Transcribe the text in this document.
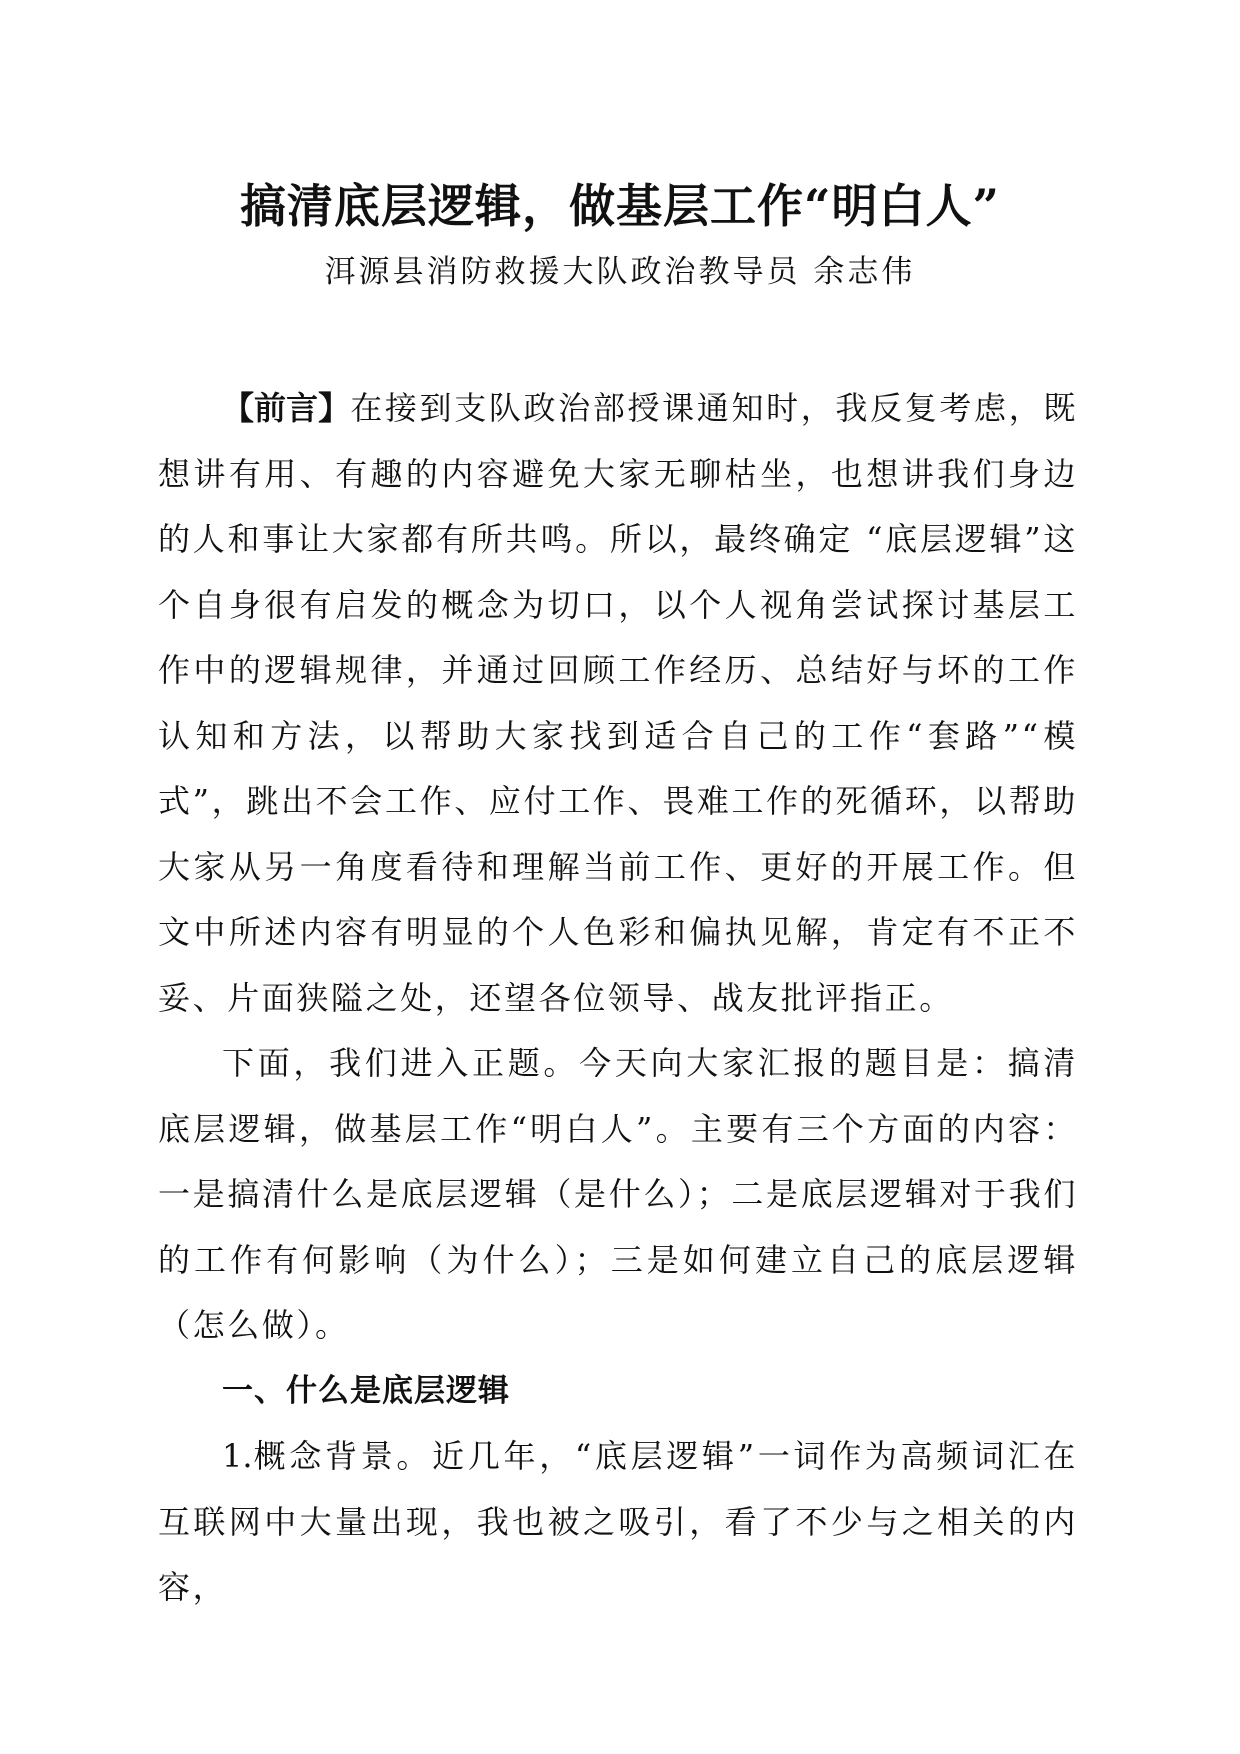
搞清底层逻辑，做基层工作“明白人”
洱源县消防救援大队政治教导员 余志伟

【前言】在接到支队政治部授课通知时，我反复考虑，既想讲有用、有趣的内容避免大家无聊枯坐，也想讲我们身边的人和事让大家都有所共鸣。所以，最终确定 “底层逻辑”这个自身很有启发的概念为切口，以个人视角尝试探讨基层工作中的逻辑规律，并通过回顾工作经历、总结好与坏的工作认知和方法，以帮助大家找到适合自己的工作“套路”“模式”，跳出不会工作、应付工作、畏难工作的死循环，以帮助大家从另一角度看待和理解当前工作、更好的开展工作。但文中所述内容有明显的个人色彩和偏执见解，肯定有不正不妥、片面狭隘之处，还望各位领导、战友批评指正。

下面，我们进入正题。今天向大家汇报的题目是：搞清底层逻辑，做基层工作“明白人”。主要有三个方面的内容：一是搞清什么是底层逻辑（是什么）；二是底层逻辑对于我们的工作有何影响（为什么）；三是如何建立自己的底层逻辑（怎么做）。

一、什么是底层逻辑

1.概念背景。近几年，“底层逻辑”一词作为高频词汇在互联网中大量出现，我也被之吸引，看了不少与之相关的内容，
